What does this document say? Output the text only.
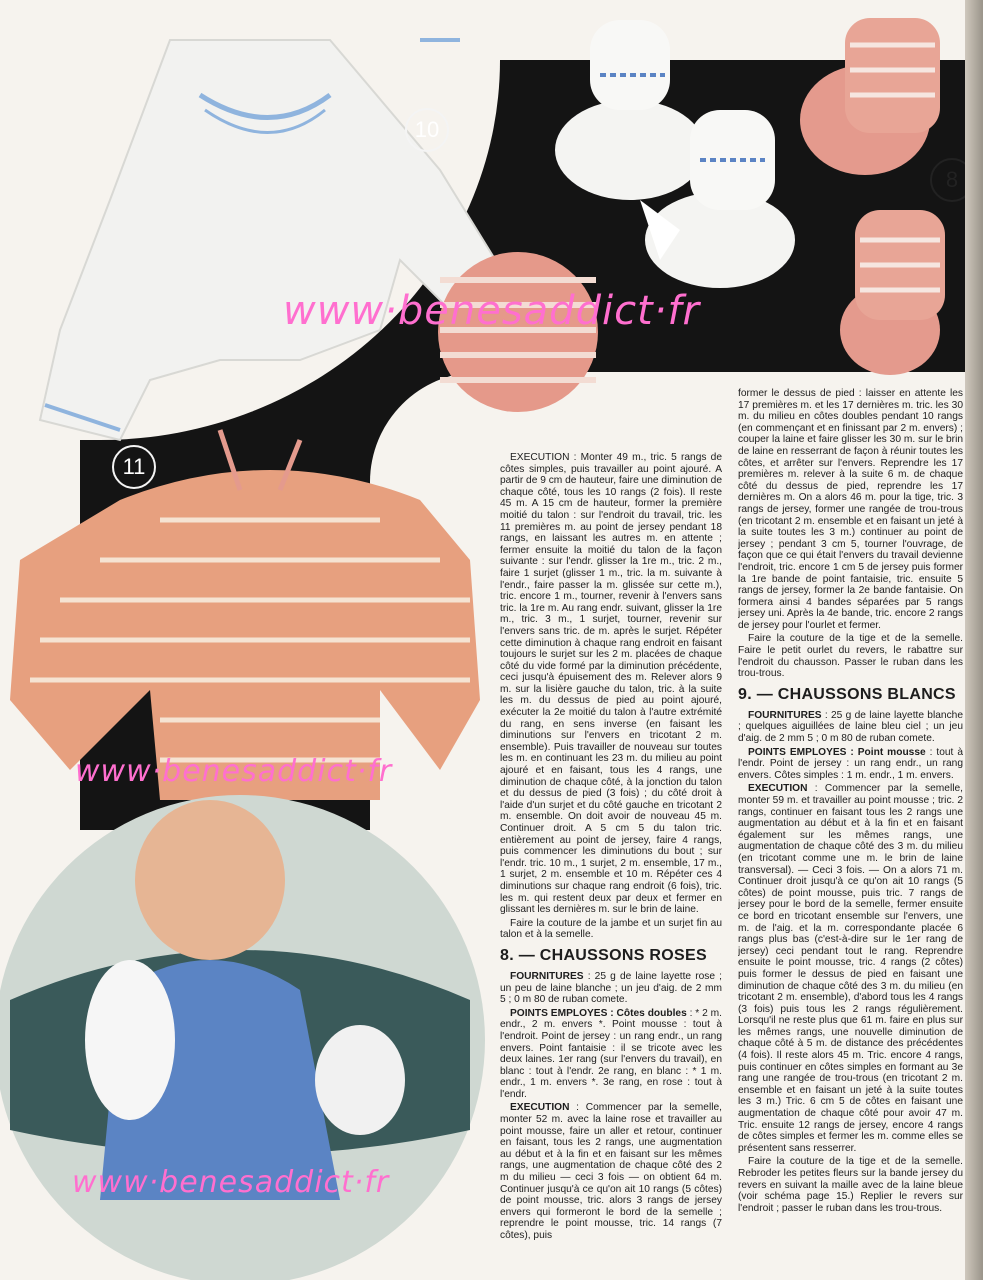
10
11
8
www·benesaddict·fr
www·benesaddict·fr
www·benesaddict·fr

EXECUTION : Monter 49 m., tric. 5 rangs de côtes simples, puis travailler au point ajouré. A partir de 9 cm de hauteur, faire une diminution de chaque côté, tous les 10 rangs (2 fois). Il reste 45 m. A 15 cm de hauteur, former la première moitié du talon : sur l'endroit du travail, tric. les 11 premières m. au point de jersey pendant 18 rangs, en laissant les autres m. en attente ; fermer ensuite la moitié du talon de la façon suivante : sur l'endr. glisser la 1re m., tric. 2 m., faire 1 surjet (glisser 1 m., tric. la m. suivante à l'endr., faire passer la m. glissée sur cette m.), tric. encore 1 m., tourner, revenir à l'envers sans tric. la 1re m. Au rang endr. suivant, glisser la 1re m., tric. 3 m., 1 surjet, tourner, revenir sur l'envers sans tric. de m. après le surjet. Répéter cette diminution à chaque rang endroit en faisant toujours le surjet sur les 2 m. placées de chaque côté du vide formé par la diminution précédente, ceci jusqu'à épuisement des m. Relever alors 9 m. sur la lisière gauche du talon, tric. à la suite les m. du dessus de pied au point ajouré, exécuter la 2e moitié du talon à l'autre extrémité du rang, en sens inverse (en faisant les diminutions sur l'envers en tricotant 2 m. ensemble). Puis travailler de nouveau sur toutes les m. en continuant les 23 m. du milieu au point ajouré et en faisant, tous les 4 rangs, une diminution de chaque côté, à la jonction du talon et du dessus de pied (3 fois) ; du côté droit à l'aide d'un surjet et du côté gauche en tricotant 2 m. ensemble. On doit avoir de nouveau 45 m. Continuer droit. A 5 cm 5 du talon tric. entièrement au point de jersey, faire 4 rangs, puis commencer les diminutions du bout ; sur l'endr. tric. 10 m., 1 surjet, 2 m. ensemble, 17 m., 1 surjet, 2 m. ensemble et 10 m. Répéter ces 4 diminutions sur chaque rang endroit (6 fois), tric. les m. qui restent deux par deux et fermer en glissant les dernières m. sur le brin de laine.

Faire la couture de la jambe et un surjet fin au talon et à la semelle.

8. — CHAUSSONS ROSES

FOURNITURES : 25 g de laine layette rose ; un peu de laine blanche ; un jeu d'aig. de 2 mm 5 ; 0 m 80 de ruban comete.

POINTS EMPLOYES : Côtes doubles : * 2 m. endr., 2 m. envers *. Point mousse : tout à l'endroit. Point de jersey : un rang endr., un rang envers. Point fantaisie : il se tricote avec les deux laines. 1er rang (sur l'envers du travail), en blanc : tout à l'endr. 2e rang, en blanc : * 1 m. endr., 1 m. envers *. 3e rang, en rose : tout à l'endr.

EXECUTION : Commencer par la semelle, monter 52 m. avec la laine rose et travailler au point mousse, faire un aller et retour, continuer en faisant, tous les 2 rangs, une augmentation au début et à la fin et en faisant sur les mêmes rangs, une augmentation de chaque côté des 2 m du milieu — ceci 3 fois — on obtient 64 m. Continuer jusqu'à ce qu'on ait 10 rangs (5 côtes) de point mousse, tric. alors 3 rangs de jersey envers qui formeront le bord de la semelle ; reprendre le point mousse, tric. 14 rangs (7 côtes), puis

former le dessus de pied : laisser en attente les 17 premières m. et les 17 dernières m. tric. les 30 m. du milieu en côtes doubles pendant 10 rangs (en commençant et en finissant par 2 m. envers) ; couper la laine et faire glisser les 30 m. sur le brin de laine en resserrant de façon à réunir toutes les côtes, et arrêter sur l'envers. Reprendre les 17 premières m. relever à la suite 6 m. de chaque côté du dessus de pied, reprendre les 17 dernières m. On a alors 46 m. pour la tige, tric. 3 rangs de jersey, former une rangée de trou-trous (en tricotant 2 m. ensemble et en faisant un jeté à la suite toutes les 3 m.) continuer au point de jersey ; pendant 3 cm 5, tourner l'ouvrage, de façon que ce qui était l'envers du travail devienne l'endroit, tric. encore 1 cm 5 de jersey puis former la 1re bande de point fantaisie, tric. ensuite 5 rangs de jersey, former la 2e bande fantaisie. On formera ainsi 4 bandes séparées par 5 rangs jersey uni. Après la 4e bande, tric. encore 2 rangs de jersey pour l'ourlet et fermer.

Faire la couture de la tige et de la semelle. Faire le petit ourlet du revers, le rabattre sur l'endroit du chausson. Passer le ruban dans les trou-trous.

9. — CHAUSSONS BLANCS

FOURNITURES : 25 g de laine layette blanche ; quelques aiguillées de laine bleu ciel ; un jeu d'aig. de 2 mm 5 ; 0 m 80 de ruban comete.

POINTS EMPLOYES : Point mousse : tout à l'endr. Point de jersey : un rang endr., un rang envers. Côtes simples : 1 m. endr., 1 m. envers.

EXECUTION : Commencer par la semelle, monter 59 m. et travailler au point mousse ; tric. 2 rangs, continuer en faisant tous les 2 rangs une augmentation au début et à la fin et en faisant également sur les mêmes rangs, une augmentation de chaque côté des 3 m. du milieu (en tricotant comme une m. le brin de laine transversal). — Ceci 3 fois. — On a alors 71 m. Continuer droit jusqu'à ce qu'on ait 10 rangs (5 côtes) de point mousse, puis tric. 7 rangs de jersey pour le bord de la semelle, fermer ensuite ce bord en tricotant ensemble sur l'envers, une m. de l'aig. et la m. correspondante placée 6 rangs plus bas (c'est-à-dire sur le 1er rang de jersey) ceci pendant tout le rang. Reprendre ensuite le point mousse, tric. 4 rangs (2 côtes) puis former le dessus de pied en faisant une diminution de chaque côté des 3 m. du milieu (en tricotant 2 m. ensemble), d'abord tous les 4 rangs (3 fois) puis tous les 2 rangs régulièrement. Lorsqu'il ne reste plus que 61 m. faire en plus sur les mêmes rangs, une nouvelle diminution de chaque côté à 5 m. de distance des précédentes (4 fois). Il reste alors 45 m. Tric. encore 4 rangs, puis continuer en côtes simples en formant au 3e rang une rangée de trou-trous (en tricotant 2 m. ensemble et en faisant un jeté à la suite toutes les 3 m.) Tric. 6 cm 5 de côtes en faisant une augmentation de chaque côté pour avoir 47 m. Tric. ensuite 12 rangs de jersey, encore 4 rangs de côtes simples et fermer les m. comme elles se présentent sans resserrer.

Faire la couture de la tige et de la semelle. Rebroder les petites fleurs sur la bande jersey du revers en suivant la maille avec de la laine bleue (voir schéma page 15.) Replier le revers sur l'endroit ; passer le ruban dans les trou-trous.
